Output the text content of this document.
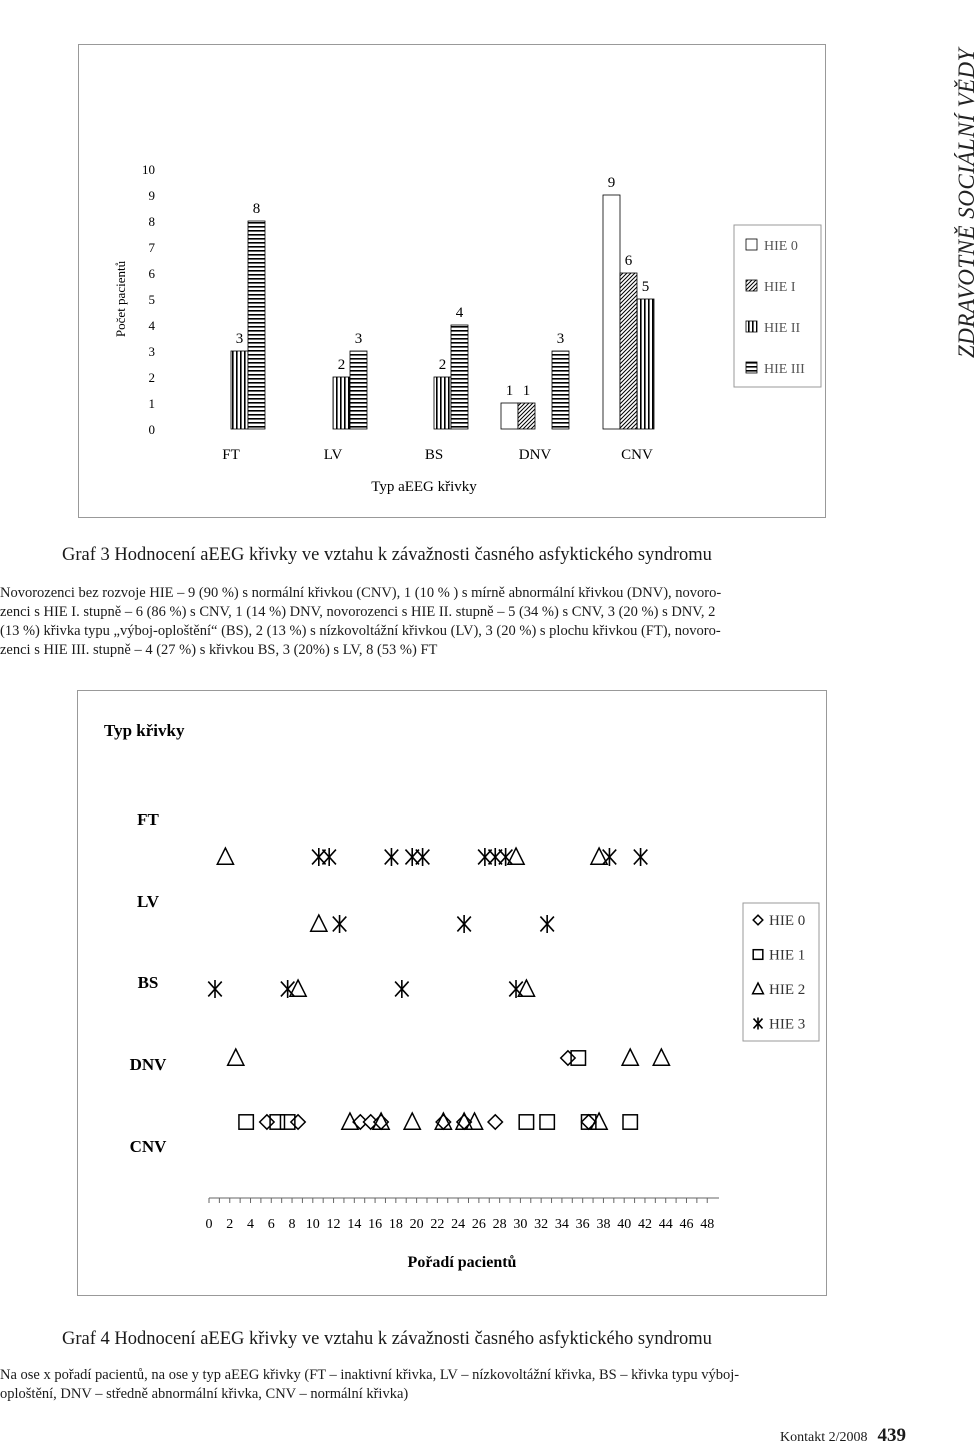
ZDRAVOTNĚ SOCIÁLNÍ VĚDY
0
1
2
3
4
5
6
7
8
9
10
Počet pacientů
FT
3
8
LV
2
3
BS
2
4
DNV
1 1
3
CNV
9
6
5
Typ aEEG křivky
HIE 0
HIE I
HIE II
HIE III
Graf 3 Hodnocení aEEG křivky ve vztahu k závažnosti časného asfyktického syndromu

Novorozenci bez rozvoje HIE – 9 (90 %) s normální křivkou (CNV), 1 (10 % ) s mírně abnormální křivkou (DNV), novoro-

zenci s HIE I. stupně – 6 (86 %) s CNV, 1 (14 %) DNV, novorozenci s HIE II. stupně – 5 (34 %) s CNV, 3 (20 %) s DNV, 2

(13 %) křivka typu „výboj-oploštění“ (BS), 2 (13 %) s nízkovoltážní křivkou (LV), 3 (20 %) s plochu křivkou (FT), novoro-

zenci s HIE III. stupně – 4 (27 %) s křivkou BS, 3 (20%) s LV, 8 (53 %) FT

Typ křivky
FT
LV
BS
DNV
CNV
0 2 4 6 8 10 12 14 16 18 20 22 24 26 28 30 32 34 36 38 40 42 44 46 48
Pořadí pacientů
HIE 0
HIE 1
HIE 2
HIE 3
Graf 4 Hodnocení aEEG křivky ve vztahu k závažnosti časného asfyktického syndromu

Na ose x pořadí pacientů, na ose y typ aEEG křivky (FT – inaktivní křivka, LV – nízkovoltážní křivka, BS – křivka typu výboj-

oploštění, DNV – středně abnormální křivka, CNV – normální křivka)

Kontakt 2/2008 439
